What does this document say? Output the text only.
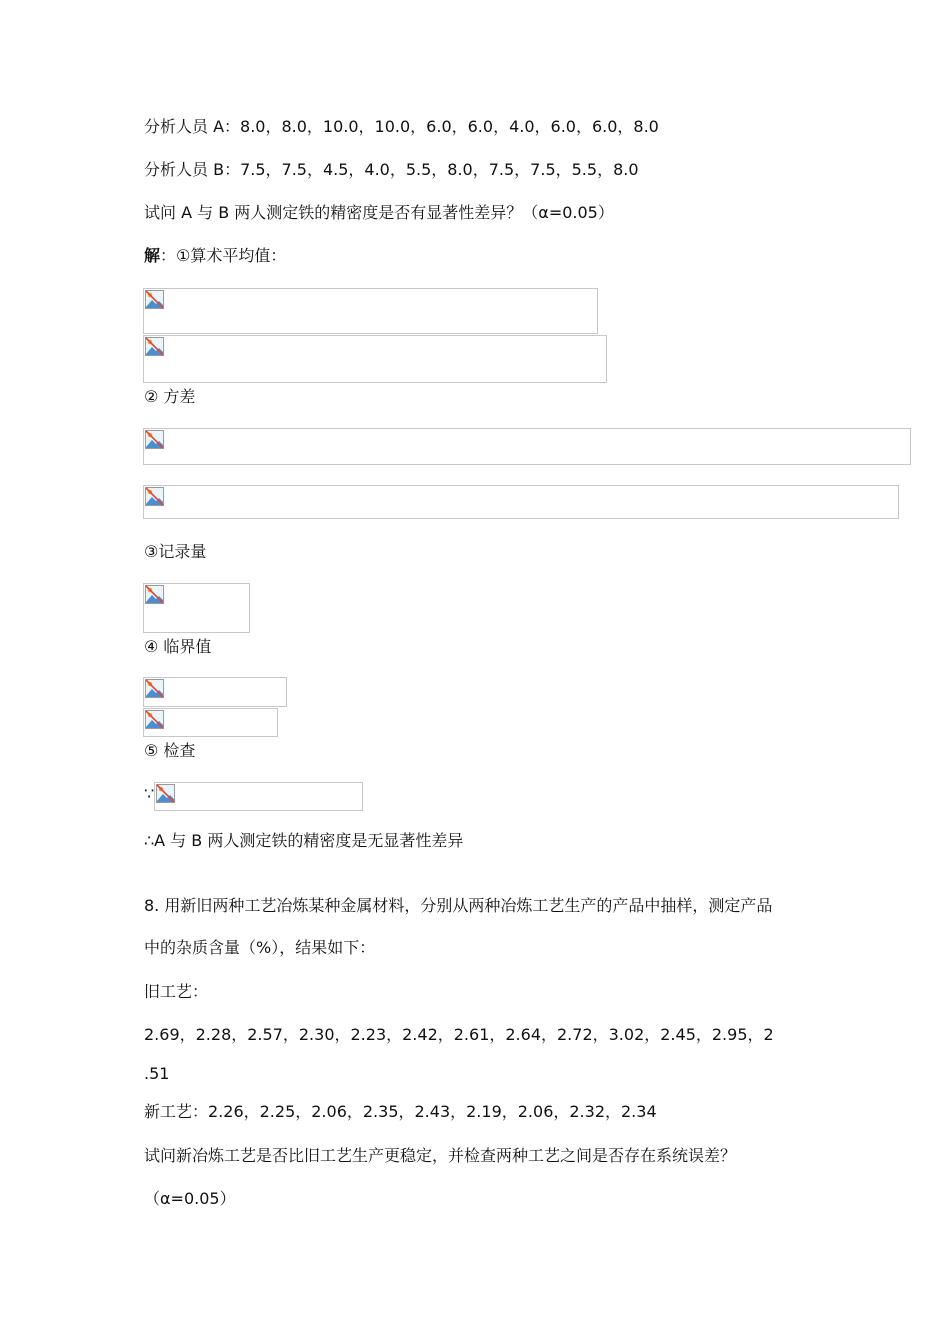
分析人员 A：8.0，8.0，10.0，10.0，6.0，6.0，4.0，6.0，6.0，8.0
分析人员 B：7.5，7.5，4.5，4.0，5.5，8.0，7.5，7.5，5.5，8.0
试问 A 与 B 两人测定铁的精密度是否有显著性差异？（α=0.05）
解：①算术平均值：
② 方差
③记录量
④ 临界值
⑤ 检查
∵
∴A 与 B 两人测定铁的精密度是无显著性差异
8. 用新旧两种工艺冶炼某种金属材料，分别从两种冶炼工艺生产的产品中抽样，测定产品
中的杂质含量（%），结果如下：
旧工艺：
2.69，2.28，2.57，2.30，2.23，2.42，2.61，2.64，2.72，3.02，2.45，2.95，2
.51
新工艺：2.26，2.25，2.06，2.35，2.43，2.19，2.06，2.32，2.34
试问新冶炼工艺是否比旧工艺生产更稳定，并检查两种工艺之间是否存在系统误差？
（α=0.05）
